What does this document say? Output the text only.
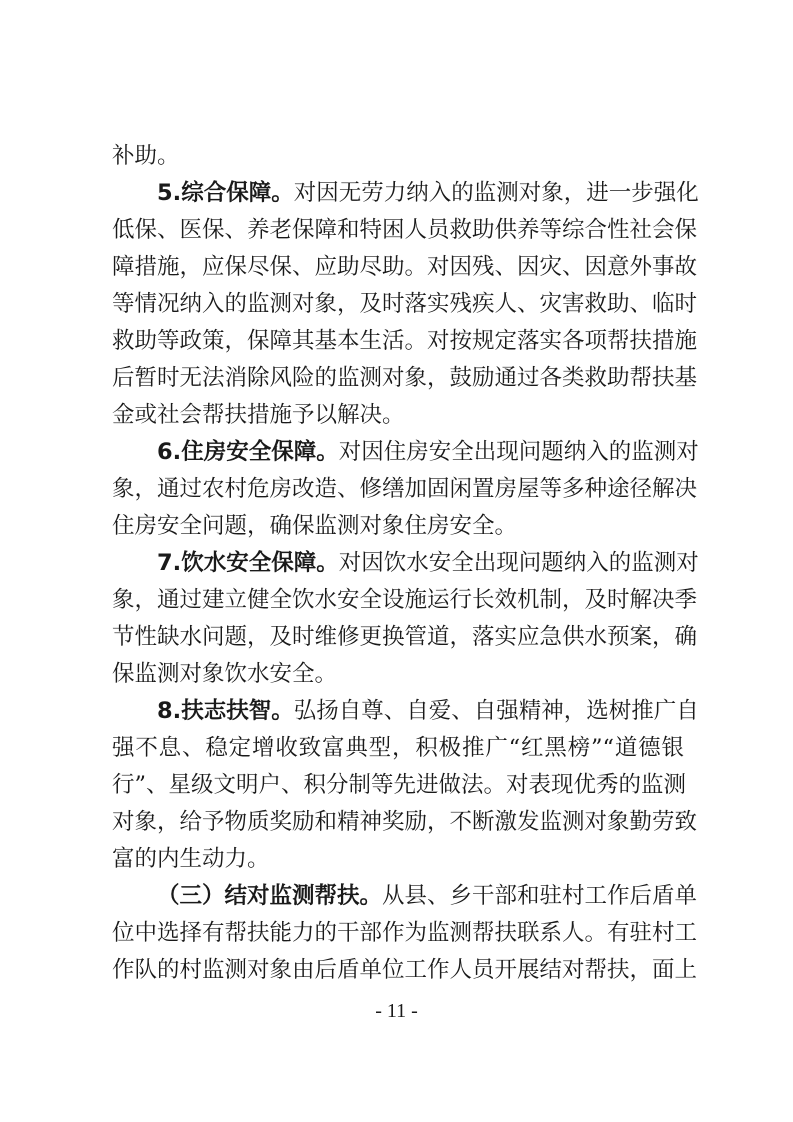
补助。
5.综合保障。对因无劳力纳入的监测对象，进一步强化
低保、医保、养老保障和特困人员救助供养等综合性社会保
障措施，应保尽保、应助尽助。对因残、因灾、因意外事故
等情况纳入的监测对象，及时落实残疾人、灾害救助、临时
救助等政策，保障其基本生活。对按规定落实各项帮扶措施
后暂时无法消除风险的监测对象，鼓励通过各类救助帮扶基
金或社会帮扶措施予以解决。
6.住房安全保障。对因住房安全出现问题纳入的监测对
象，通过农村危房改造、修缮加固闲置房屋等多种途径解决
住房安全问题，确保监测对象住房安全。
7.饮水安全保障。对因饮水安全出现问题纳入的监测对
象，通过建立健全饮水安全设施运行长效机制，及时解决季
节性缺水问题，及时维修更换管道，落实应急供水预案，确
保监测对象饮水安全。
8.扶志扶智。弘扬自尊、自爱、自强精神，选树推广自
强不息、稳定增收致富典型，积极推广“红黑榜”“道德银
行”、星级文明户、积分制等先进做法。对表现优秀的监测
对象，给予物质奖励和精神奖励，不断激发监测对象勤劳致
富的内生动力。
（三）结对监测帮扶。从县、乡干部和驻村工作后盾单
位中选择有帮扶能力的干部作为监测帮扶联系人。有驻村工
作队的村监测对象由后盾单位工作人员开展结对帮扶，面上
- 11 -
